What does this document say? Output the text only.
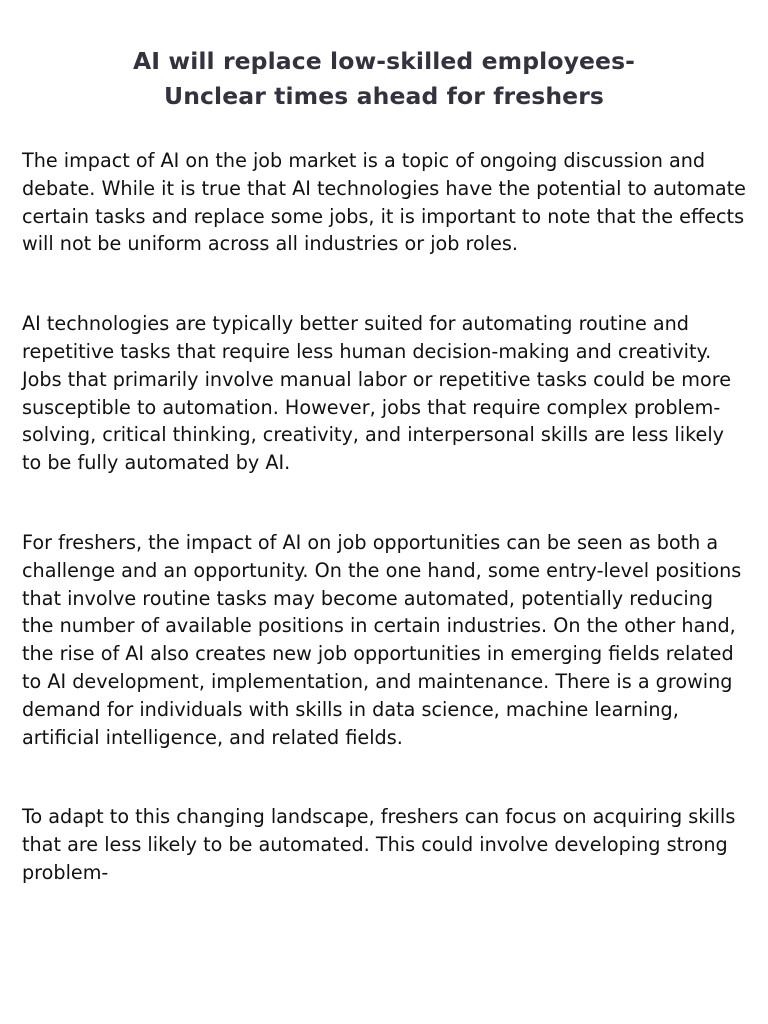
AI will replace low-skilled employees-
Unclear times ahead for freshers

The impact of AI on the job market is a topic of ongoing discussion and debate. While it is true that AI technologies have the potential to automate certain tasks and replace some jobs, it is important to note that the effects will not be uniform across all industries or job roles.

AI technologies are typically better suited for automating routine and repetitive tasks that require less human decision-making and creativity. Jobs that primarily involve manual labor or repetitive tasks could be more susceptible to automation. However, jobs that require complex problem-solving, critical thinking, creativity, and interpersonal skills are less likely to be fully automated by AI.

For freshers, the impact of AI on job opportunities can be seen as both a challenge and an opportunity. On the one hand, some entry-level positions that involve routine tasks may become automated, potentially reducing the number of available positions in certain industries. On the other hand, the rise of AI also creates new job opportunities in emerging fields related to AI development, implementation, and maintenance. There is a growing demand for individuals with skills in data science, machine learning, artificial intelligence, and related fields.

To adapt to this changing landscape, freshers can focus on acquiring skills that are less likely to be automated. This could involve developing strong problem-
